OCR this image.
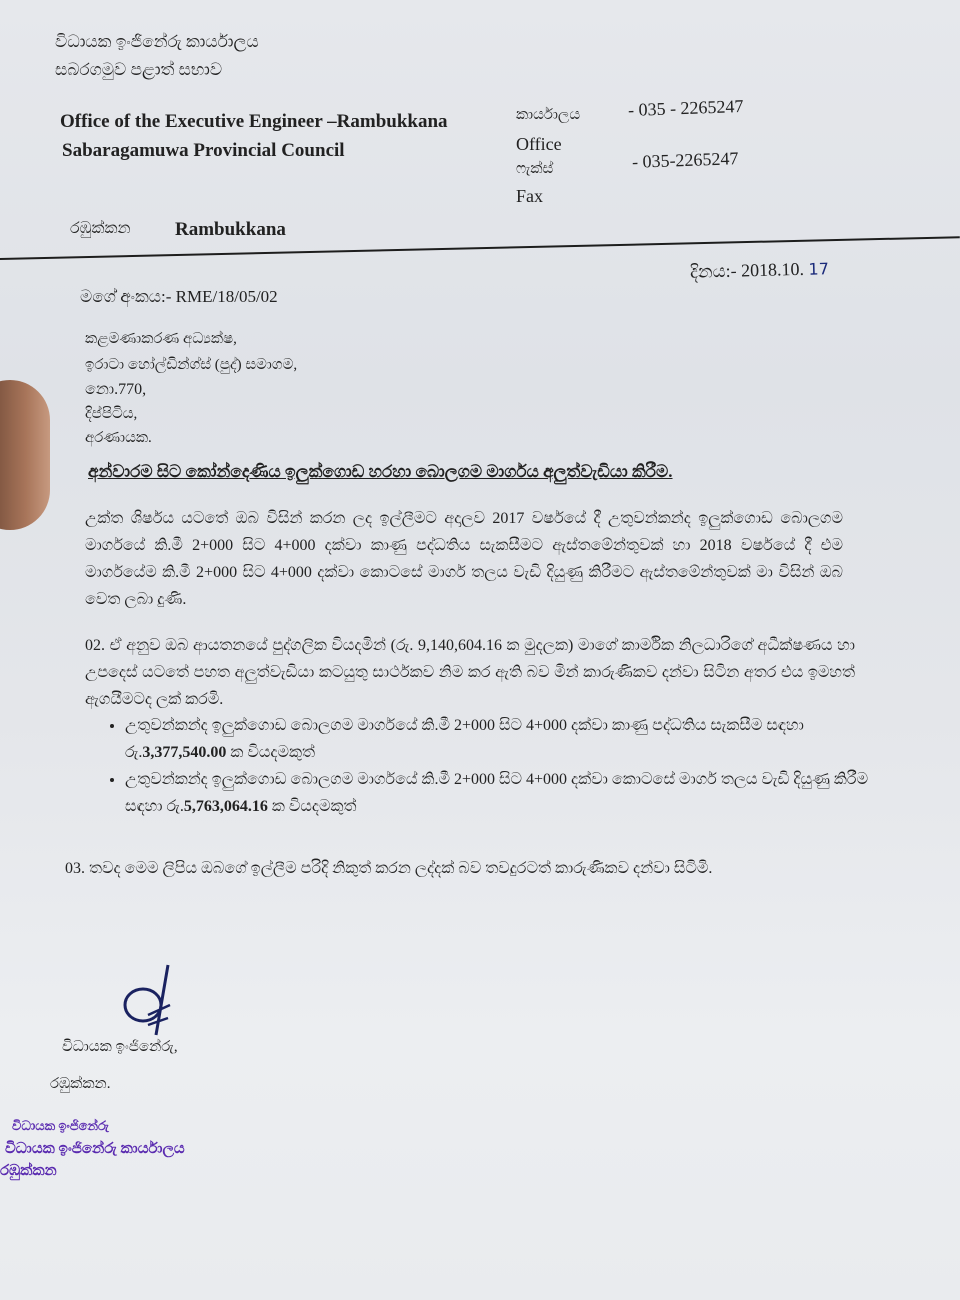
විධායක ඉංජිනේරු කාර්යාලය
සබරගමුව පළාත් සභාව
Office of the Executive Engineer –Rambukkana
Sabaragamuwa Provincial Council
කාර්යාලය
Office
- 035 - 2265247
ෆැක්ස්
Fax
- 035-2265247
රඹුක්කන Rambukkana
දිනය:- 2018.10. 17
මගේ අංකය:- RME/18/05/02
කළමණාකරණ අධ්‍යක්ෂ,
ඉරාටා හෝල්ඩින්ග්ස් (පුද්) සමාගම,
නො.770,
දිප්පිටිය,
අරණායක.
අන්වාරම සිට කෝන්දෙණිය ඉලුක්ගොඩ හරහා බොලගම මාර්ගය අලුත්වැඩියා කිරීම.
උක්ත ශිර්ෂය යටතේ ඔබ විසින් කරන ලද ඉල්ලීමට අදාලව 2017 වර්ෂයේ දී උතුවන්කන්ද ඉලුක්ගොඩ බොලගම මාර්ගයේ කි.මී 2+000 සිට 4+000 දක්වා කාණු පද්ධතිය සැකසීමට ඇස්තමේන්තුවක් හා 2018 වර්ෂයේ දී එම මාර්ගයේම කි.මී 2+000 සිට 4+000 දක්වා කොටසේ මාර්ග තලය වැඩි දියුණු කිරීමට ඇස්තමේන්තුවක් මා විසින් ඔබ වෙත ලබා දුණි.
02. ඒ අනුව ඔබ ආයතනයේ පුද්ගලික වියදමින් (රු. 9,140,604.16 ක මුදලක) මාගේ කාර්මික නිලධාරිගේ අධීක්ෂණය හා උපදෙස් යටතේ පහත අලුත්වැඩියා කටයුතු සාර්ථකව නිම කර ඇති බව මින් කාරුණිකව දන්වා සිටින අතර එය ඉමහත් ඇගයීමටද ලක් කරමි.
• උතුවන්කන්ද ඉලුක්ගොඩ බොලගම මාර්ගයේ කි.මී 2+000 සිට 4+000 දක්වා කාණු පද්ධතිය සැකසීම සඳහා රු.3,377,540.00 ක වියදමකුත්
• උතුවන්කන්ද ඉලුක්ගොඩ බොලගම මාර්ගයේ කි.මී 2+000 සිට 4+000 දක්වා කොටසේ මාර්ග තලය වැඩි දියුණු කිරීම සඳහා රු.5,763,064.16 ක වියදමකුත්
03. තවද මෙම ලිපිය ඔබගේ ඉල්ලීම පරිදි නිකුත් කරන ලද්දක් බව තවදුරටත් කාරුණිකව දන්වා සිටිමි.
විධායක ඉංජිනේරු,
රඹුක්කන.
විධායක ඉංජිනේරු
විධායක ඉංජිනේරු කාර්යාලය
රඹුක්කන
